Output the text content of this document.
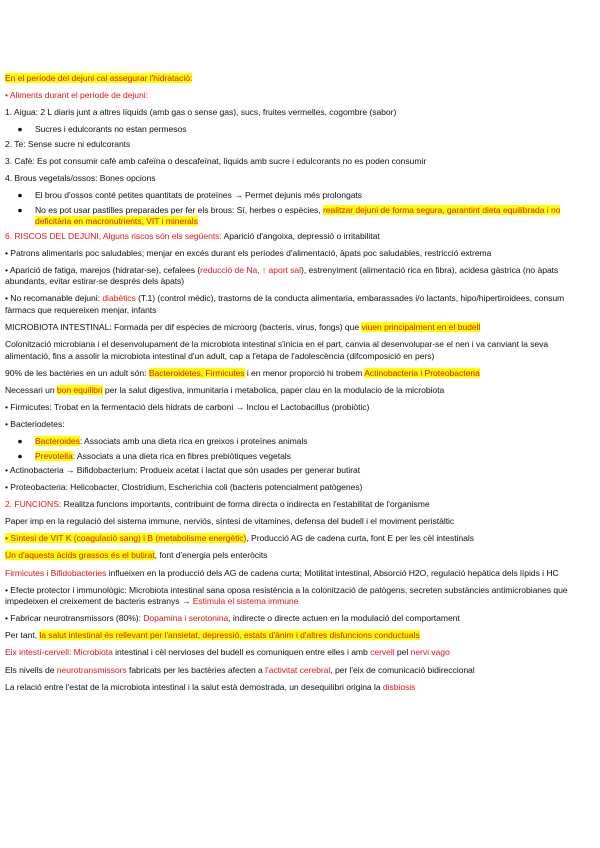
En el període del dejuni cal assegurar l'hidratació:

• Aliments durant el període de dejuni:

1. Aigua: 2 L diaris junt a altres líquids (amb gas o sense gas), sucs, fruites vermelles, cogombre (sabor)

●	Sucres i edulcorants no estan permesos

2. Te: Sense sucre ni edulcorants

3. Cafè: Es pot consumir cafè amb cafeïna o descafeïnat, líquids amb sucre i edulcorants no es poden consumir

4. Brous vegetals/ossos: Bones opcions

●	El brou d'ossos conté petites quantitats de proteïnes → Permet dejunis més prolongats
●	No es pot usar pastilles preparades per fer els brous: Sí, herbes o espècies, realitzar dejuni de forma segura, garantint dieta equilibrada i no deficitària en macronutrients, VIT i minerals

6. RISCOS DEL DEJUNI, Alguns riscos són els següents: Aparició d'angoixa, depressió o irritabilitat

• Patrons alimentaris poc saludables; menjar en excés durant els períodes d'alimentació, àpats poc saludables, restricció extrema

• Aparició de fatiga, marejos (hidratar-se), cefalees (reducció de Na, ↑ aport sal), estrenyiment (alimentació rica en fibra), acidesa gàstrica (no àpats abundants, evitar estirar-se després dels àpats)

• No recomanable dejuni: diabètics (T.1) (control mèdic), trastorns de la conducta alimentaria, embarassades i/o lactants, hipo/hipertiroidees, consum fàrmacs que requereixen menjar, infants

MICROBIOTA INTESTINAL: Formada per dif espècies de microorg (bacteris, virus, fongs) que viuen principalment en el budell

Colonització microbiana i el desenvolupament de la microbiota intestinal s'inicia en el part, canvia al desenvolupar-se el nen i va canviant la seva alimentació, fins a assolir la microbiota intestinal d'un adult, cap a l'etapa de l'adolescència (difcomposició en pers)

90% de les bactèries en un adult són: Bacteroidetes, Firmicutes i en menor proporció hi trobem Actinobacteria i Proteobacteria

Necessari un bon equilibri per la salut digestiva, inmunitaria i metabolica, paper clau en la modulacio de la microbiota

• Firmicutes: Trobat en la fermentació dels hidrats de carboni → Inclou el Lactobacillus (probiòtic)

• Bacteriodetes:

●	Bacteroides: Associats amb una dieta rica en greixos i proteïnes animals
●	Prevotella: Associats a una dieta rica en fibres prebiòtiques vegetals

• Actinobacteria → Bifidobacterium: Produeix acetat i lactat que són usades per generar butirat

• Proteobacteria: Helicobacter, Clostridium, Escherichia coli (bacteris potencialment patògenes)

2. FUNCIONS: Realitza funcions importants, contribuint de forma directa o indirecta en l'estabilitat de l'organisme

Paper imp en la regulació del sistema immune, nerviós, síntesi de vitamines, defensa del budell i el moviment peristàltic

• Síntesi de VIT K (coagulació sang) i B (metabolisme energètic), Producció AG de cadena curta, font E per les cèl intestinals

Un d'aquests àcids grassos és el butirat, font d'energia pels enteròcits

Firmicutes i Bifidobacteries influeixen en la producció dels AG de cadena curta; Motilitat intestinal, Absorció H2O, regulació hepàtica dels lípids i HC

• Efecte protector i immunològic: Microbiota intestinal sana oposa resistència a la colonització de patògens, secreten substàncies antimicrobianes que impedeixen el creixement de bacteris estranys → Estimula el sistema immune

• Fabricar neurotransmissors (80%): Dopamina i serotonina, indirecte o directe actuen en la modulació del comportament

Per tant, la salut intestinal és rellevant per l'ansietat, depressió, estats d'ànim i d'altres disfuncions conductuals

Eix intestí-cervell: Microbiota intestinal i cèl nervioses del budell es comuniquen entre elles i amb cervell pel nervi vago

Els nivells de neurotransmissors fabricats per les bactèries afecten a l'activitat cerebral, per l'eix de comunicació bidireccional

La relació entre l'estat de la microbiota intestinal i la salut està demostrada, un desequilibri origina la disbiosis
